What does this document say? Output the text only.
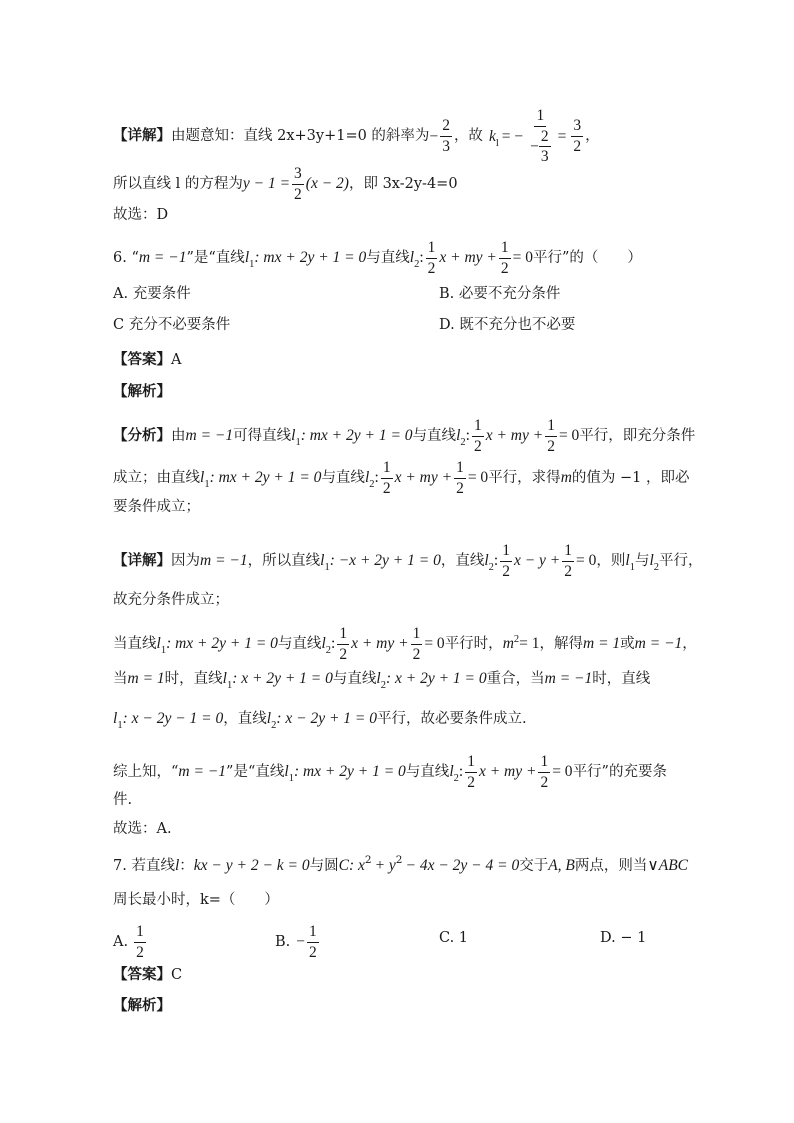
【详解】 由题意知：直线 2x+3y+1=0 的斜率为 − $\frac{2}{3}$ ，故 $k_l$ = − $\frac{1}{- \frac{2}{3}} = \frac{3}{2}$ ，
所以直线 l 的方程为 $y - 1 = \frac{3}{2} (x - 2)$ ，即 3x-2y-4=0
故选：D
6. “ m = −1 ”是“直线 $l_1$ : mx + 2y + 1 = 0 与直线 $l_2$ : $\frac{1}{2}$ x + my + $\frac{1}{2} = 0$ 平行”的（　　）
A. 充要条件	B. 必要不充分条件
C 充分不必要条件	D. 既不充分也不必要
【答案】 A
【解析】
【分析】 由 m = −1 可得直线 $l_1$ : mx + 2y + 1 = 0 与直线 $l_2$ : $\frac{1}{2}$ x + my + $\frac{1}{2} = 0$ 平行，即充分条件
成立；由直线 $l_1$ : mx + 2y + 1 = 0 与直线 $l_2$ : $\frac{1}{2}$ x + my + $\frac{1}{2} = 0$ 平行，求得 m 的值为 −1 ，即必
要条件成立；
【详解】 因为 m = −1 ，所以直线 $l_1$ : −x + 2y + 1 = 0 ，直线 $l_2$ : $\frac{1}{2}$ $x - y + \frac{1}{2} = 0$ ，则 $l_1$ 与 $l_2$ 平行，
故充分条件成立；
当直线 $l_1$ : mx + 2y + 1 = 0 与直线 $l_2$ : $\frac{1}{2}$ x + my + $\frac{1}{2} = 0$ 平行时， $m^2 = 1$ ，解得 m = 1 或 m = −1 ，
当 m = 1 时，直线 $l_1$ : x + 2y + 1 = 0 与直线 $l_2$ : x + 2y + 1 = 0 重合，当 m = −1 时，直线
$l_1$ : x − 2y − 1 = 0 ，直线 $l_2$ : x − 2y + 1 = 0 平行，故必要条件成立.
综上知，“ m = −1 ”是“直线 $l_1$ : mx + 2y + 1 = 0 与直线 $l_2$ : $\frac{1}{2}$ x + my + $\frac{1}{2} = 0$ 平行”的充要条
件.
故选：A.
7. 若直线 l ： kx − y + 2 − k = 0 与圆 C : x 2 + y 2 − 4x − 2y − 4 = 0 交于 A, B 两点，则当 ∨ABC
周长最小时，k=（　　）
A. $\frac{1}{2}$	B. − $\frac{1}{2}$	C. 1	D. − 1
【答案】 C
【解析】
